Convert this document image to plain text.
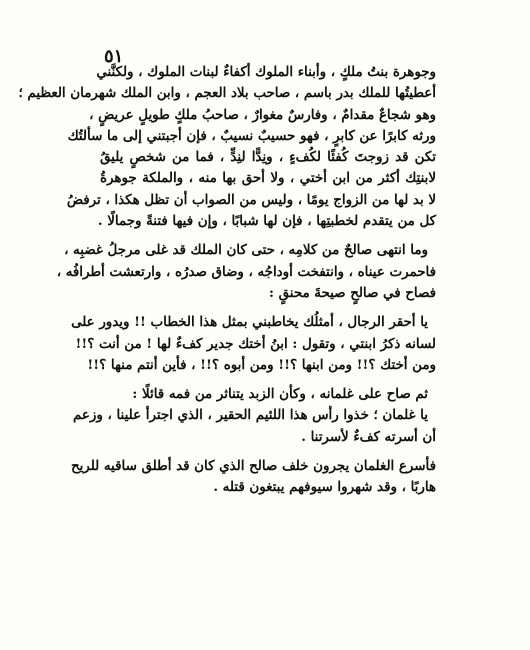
٥١

وجوهرة بنتُ ملكٍ ، وأبناء الملوك أكفاءٌ لبنات الملوك ، ولكنَّني
أعطيتُها للملك بدر باسم ، صاحب بلاد العجم ، وابن الملك شهرمان العظيم ؛
وهو شجاعٌ مقدامٌ ، وفارسٌ مغوارٌ ، صاحبُ ملكٍ طويلٍ عريضٍ ،
ورثه كابرًا عن كابرٍ ، فهو حسيبٌ نسيبٌ ، فإن أجبتني إلى ما سألتُك
تكن قد زوجتَ كُفئًا لكُفءٍ ، ونِدًّا لنِدٍّ ، فما من شخصٍ يليقُ
لابنتِك أكثر من ابن أختي ، ولا أحق بها منه ، والملكة جوهرةُ
لا بد لها من الزواج يومًا ، وليس من الصواب أن تظل هكذا ، ترفضُ
كل من يتقدم لخطبتِها ، فإن لها شبابًا ، وإن فيها فتنةً وجمالًا .

وما انتهى صالحٌ من كلامِه ، حتى كان الملك قد غلى مرجلُ غضبِه ،
فاحمرت عيناه ، وانتفخت أوداجُه ، وضاق صدرُه ، وارتعشت أطرافُه ،
فصاح في صالحٍ صيحةَ محنقٍ :

يا أحقر الرجال ، أمثلُك يخاطبني بمثل هذا الخطاب !! ويدور على
لسانه ذكرُ ابنتي ، وتقول : ابنُ أختك جدير كفءٌ لها ! من أنت ؟!!
ومن أختك ؟!! ومن ابنها ؟!! ومن أبوه ؟!! ، فأين أنتم منها ؟!!

ثم صاح على غلمانه ، وكأن الزبد يتناثر من فمه قائلًا :
يا غلمان ؛ خذوا رأس هذا اللئيم الحقير ، الذي اجترأ علينا ، وزعم
أن أسرته كفءٌ لأسرتنا .

فأسرع الغلمان يجرون خلف صالح الذي كان قد أطلق ساقيه للريح
هاربًا ، وقد شهروا سيوفهم يبتغون قتله .
